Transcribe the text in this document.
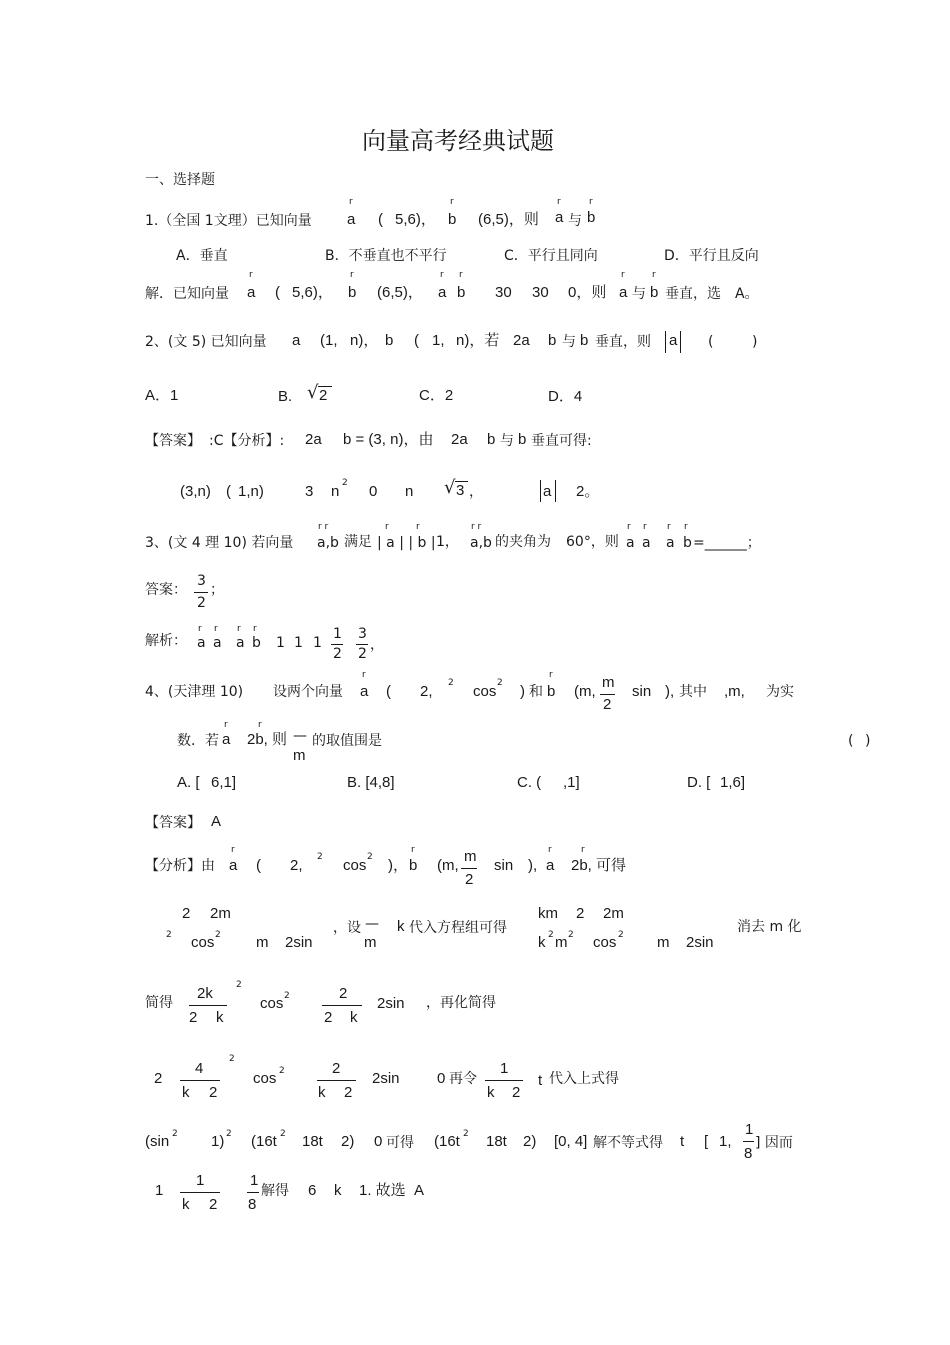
向量高考经典试题
一、选择题
1.（全国 1文理）已知向量
r
a ( 5,6)，
r
b (6,5)，则
r
a 与
r
b
A．垂直	B．不垂直也不平行	C．平行且同向	D．平行且反向
解．已知向量
r
a ( 5,6)，
r
b (6,5)，
r
a
r
b 30 30 0，则
r
a 与
r
b 垂直，选 A。
2、(文 5) 已知向量 a (1, n)， b ( 1, n)，若 2a b 与 b 垂直，则 a (	)
A．1	B. √ 2	C．2	D．4
【答案】 :C【分析】: 2a b = (3, n)，由 2a b 与 b 垂直可得:
(3,n) ( 1,n)	3 n 2 0 n √ 3 ，	a 2。
3、(文 4 理 10) 若向量
r r
a,b 满足
r	r
| a | | b | 1，
r r
a,b 的夹角为 60°，则
r
a
r
a
r
a
r
b =______；
答案：
3
2
；
解析：
r
a
r
a
r
a
r
b 1 1 1
1
2
3
2
，
4、(天津理 10) 设两个向量
r
a ( 2, 2 cos 2 ) 和
r
b (m,
m
2
sin ), 其中 ,m, 为实
数．若
r
a
r
2b, 则 —
m
的取值围是	( )
A. [ 6,1]	B. [4,8]	C. ( ,1]	D. [ 1,6]
【答案】 A
【分析】由
r
a ( 2, 2 cos 2 )，
r
b (m,
m
2
sin ),
r
a
r
2b, 可得
2 2m
2 cos 2 m 2sin
，设 —
m
k 代入方程组可得
km 2 2m
k 2 m 2 cos 2 m 2sin
消去 m 化
简得
2k
2 k
2
cos 2	2
2 k
2sin ，再化简得
2
4
k 2
2
cos 2	2
k 2
2sin 0 再令
1
k 2
t 代入上式得
(sin 2 1) 2 (16t 2 18t 2) 0 可得 (16t 2 18t 2) [0, 4] 解不等式得 t [ 1,
1
8
] 因而
1
1
k 2
1
8
解得 6 k 1. 故选 A
